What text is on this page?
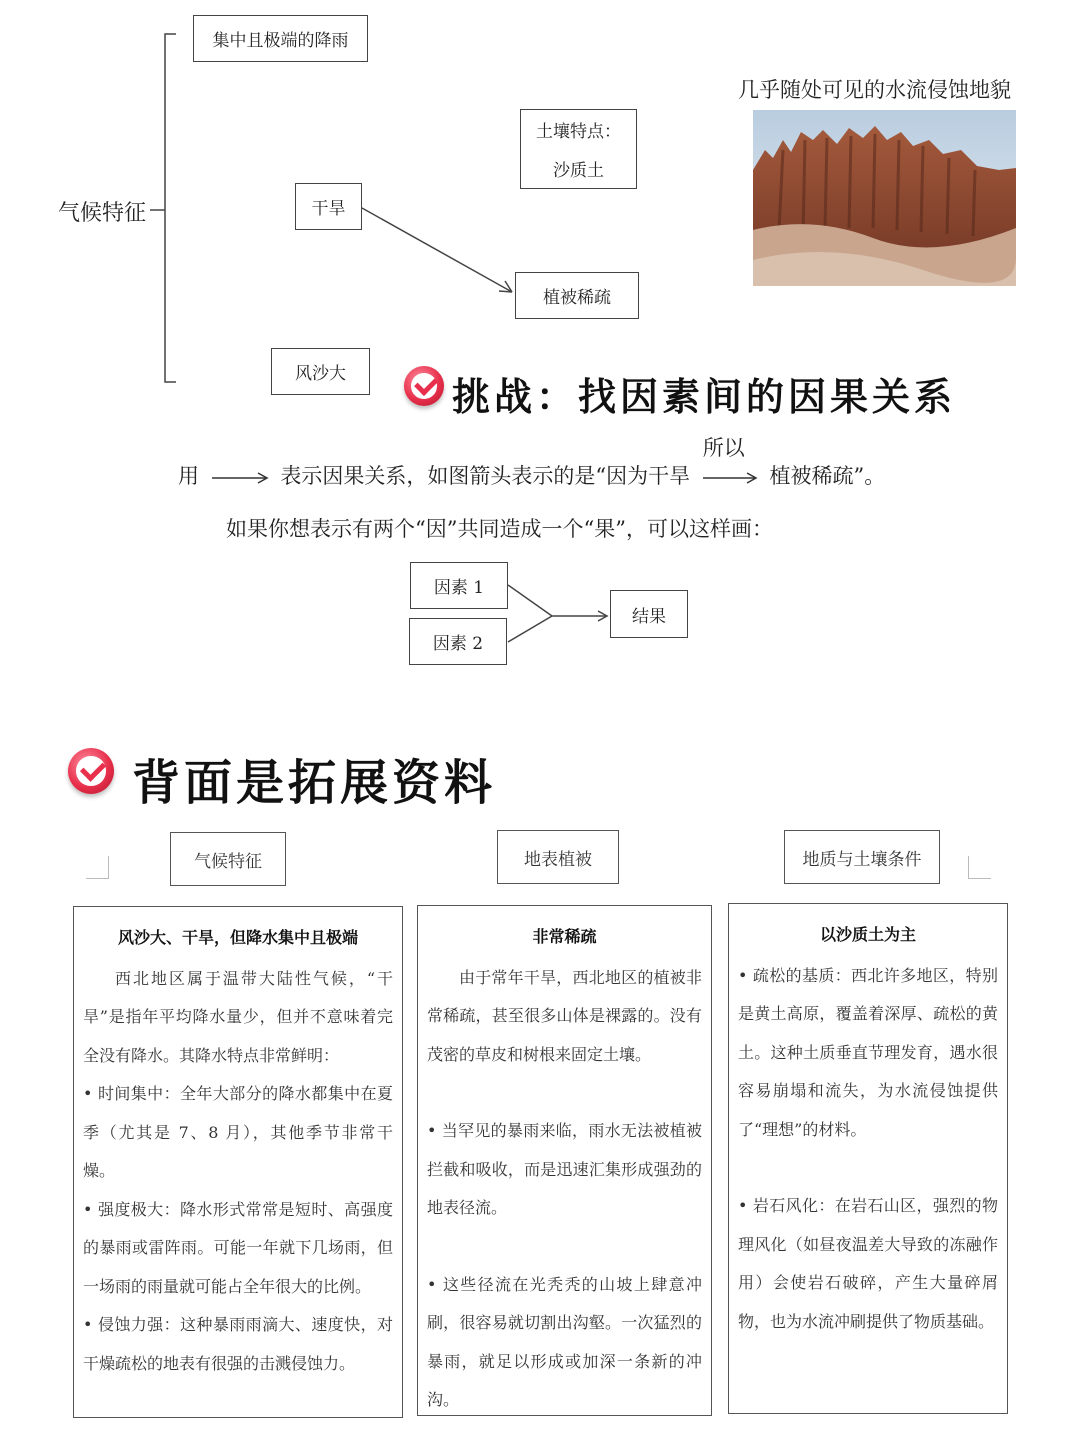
气候特征
集中且极端的降雨
干旱
风沙大
土壤特点：
沙质土
植被稀疏
几乎随处可见的水流侵蚀地貌
挑战：找因素间的因果关系
用	表示因果关系，如图箭头表示的是“因为干旱
所以
植被稀疏”。
如果你想表示有两个“因”共同造成一个“果”，可以这样画：
因素 1
因素 2
结果
背面是拓展资料
气候特征	地表植被	地质与土壤条件
风沙大、干旱，但降水集中且极端

西北地区属于温带大陆性气候，“干旱”是指年平均降水量少，但并不意味着完全没有降水。其降水特点非常鲜明：

• 时间集中：全年大部分的降水都集中在夏季（尤其是 7、8 月），其他季节非常干燥。

• 强度极大：降水形式常常是短时、高强度的暴雨或雷阵雨。可能一年就下几场雨，但一场雨的雨量就可能占全年很大的比例。

• 侵蚀力强：这种暴雨雨滴大、速度快，对干燥疏松的地表有很强的击溅侵蚀力。

非常稀疏

由于常年干旱，西北地区的植被非常稀疏，甚至很多山体是裸露的。没有茂密的草皮和树根来固定土壤。

• 当罕见的暴雨来临，雨水无法被植被拦截和吸收，而是迅速汇集形成强劲的地表径流。

• 这些径流在光秃秃的山坡上肆意冲刷，很容易就切割出沟壑。一次猛烈的暴雨，就足以形成或加深一条新的冲沟。

以沙质土为主

• 疏松的基质：西北许多地区，特别是黄土高原，覆盖着深厚、疏松的黄土。这种土质垂直节理发育，遇水很容易崩塌和流失，为水流侵蚀提供了“理想”的材料。

• 岩石风化：在岩石山区，强烈的物理风化（如昼夜温差大导致的冻融作用）会使岩石破碎，产生大量碎屑物，也为水流冲刷提供了物质基础。
